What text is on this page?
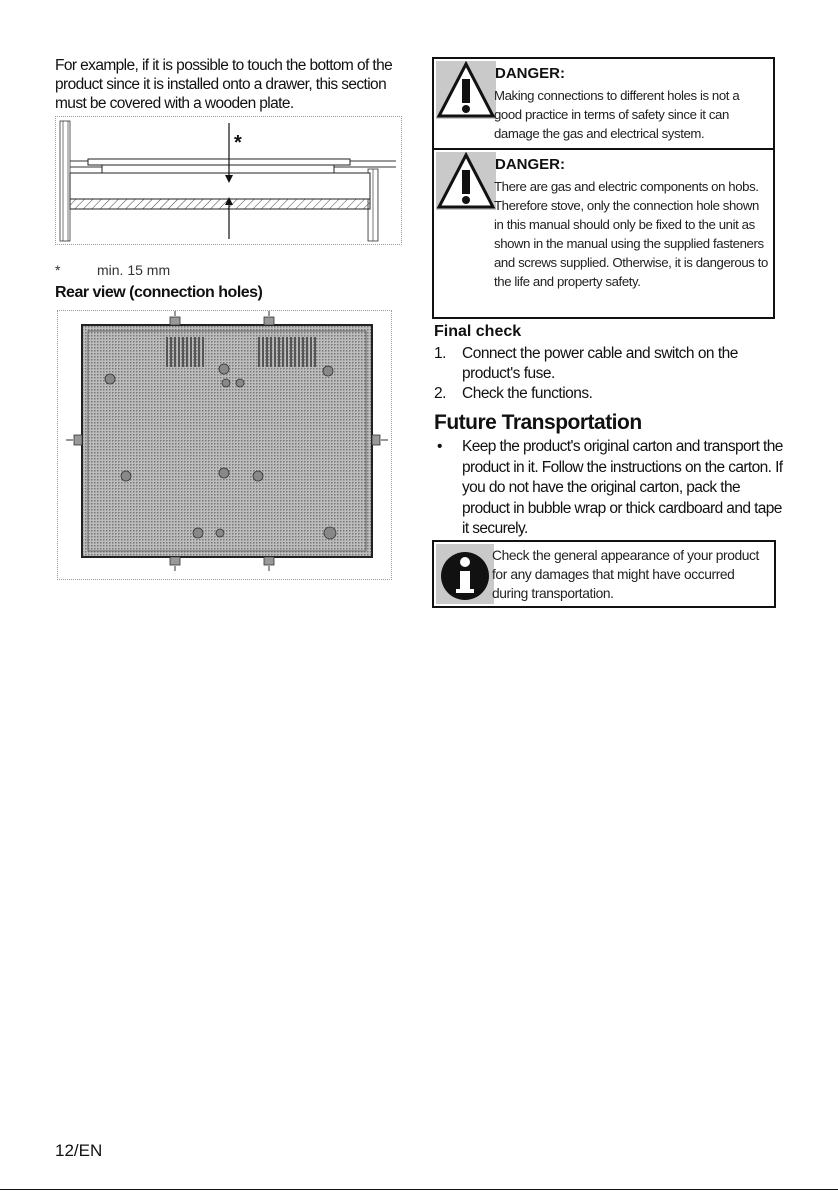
For example, if it is possible to touch the bottom of the product since it is installed onto a drawer, this section must be covered with a wooden plate.

*
*	min. 15 mm
Rear view (connection holes)

DANGER:

Making connections to different holes is not a good practice in terms of safety since it can damage the gas and electrical system.

DANGER:

There are gas and electric components on hobs. Therefore stove, only the connection hole shown in this manual should only be fixed to the unit as shown in the manual using the supplied fasteners and screws supplied. Otherwise, it is dangerous to the life and property safety.

Final check
1. Connect the power cable and switch on the product's fuse.
2. Check the functions.
Future Transportation

• Keep the product's original carton and transport the product in it. Follow the instructions on the carton. If you do not have the original carton, pack the product in bubble wrap or thick cardboard and tape it securely.

Check the general appearance of your product for any damages that might have occurred during transportation.

12/EN
